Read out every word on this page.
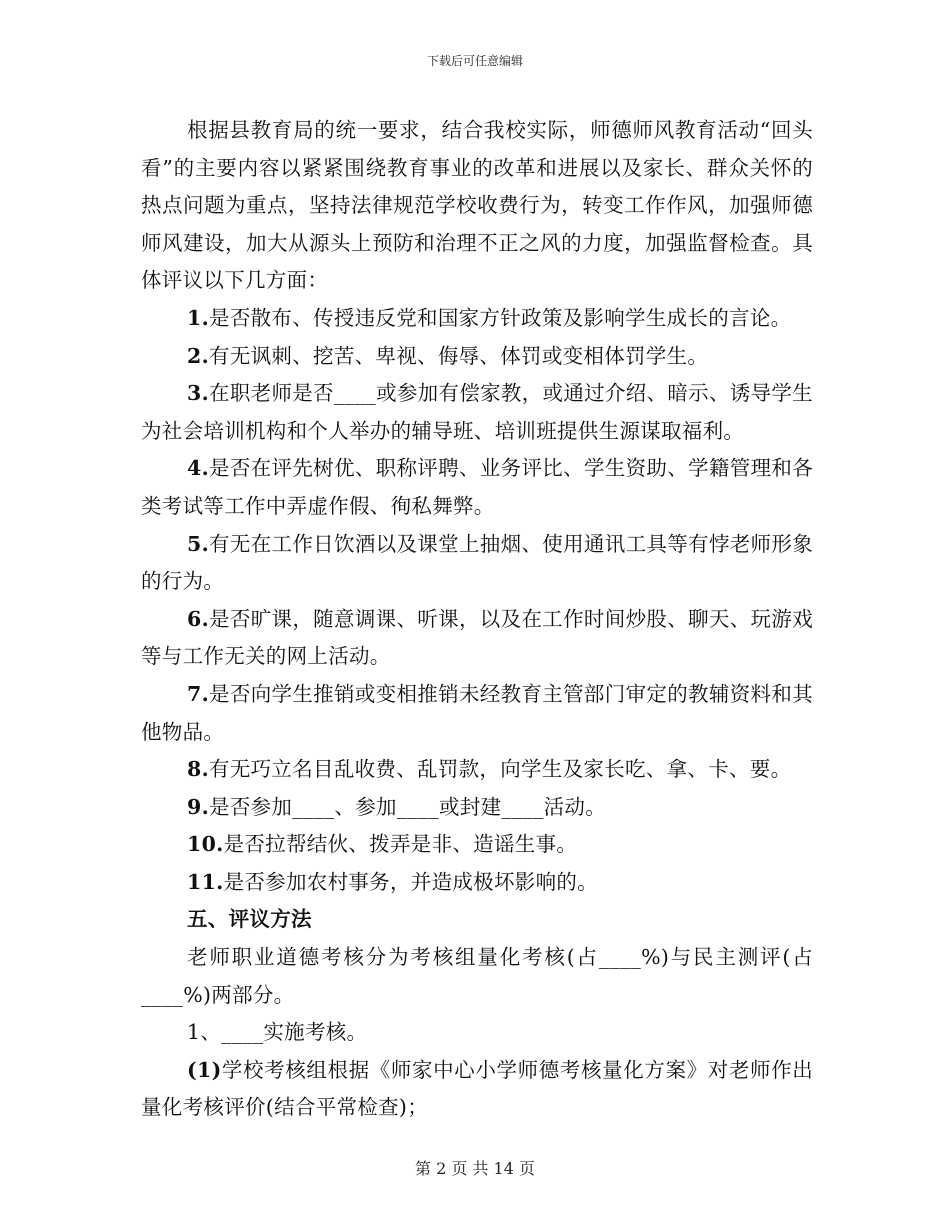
下载后可任意编辑

根据县教育局的统一要求，结合我校实际，师德师风教育活动“回头看”的主要内容以紧紧围绕教育事业的改革和进展以及家长、群众关怀的热点问题为重点，坚持法律规范学校收费行为，转变工作作风，加强师德师风建设，加大从源头上预防和治理不正之风的力度，加强监督检查。具体评议以下几方面：

1.是否散布、传授违反党和国家方针政策及影响学生成长的言论。

2.有无讽刺、挖苦、卑视、侮辱、体罚或变相体罚学生。

3.在职老师是否____或参加有偿家教，或通过介绍、暗示、诱导学生为社会培训机构和个人举办的辅导班、培训班提供生源谋取福利。

4.是否在评先树优、职称评聘、业务评比、学生资助、学籍管理和各类考试等工作中弄虚作假、徇私舞弊。

5.有无在工作日饮酒以及课堂上抽烟、使用通讯工具等有悖老师形象的行为。

6.是否旷课，随意调课、听课，以及在工作时间炒股、聊天、玩游戏等与工作无关的网上活动。

7.是否向学生推销或变相推销未经教育主管部门审定的教辅资料和其他物品。

8.有无巧立名目乱收费、乱罚款，向学生及家长吃、拿、卡、要。

9.是否参加____、参加____或封建____活动。

10.是否拉帮结伙、拨弄是非、造谣生事。

11.是否参加农村事务，并造成极坏影响的。

五、评议方法

老师职业道德考核分为考核组量化考核(占____%)与民主测评(占____%)两部分。

1、____实施考核。

(1)学校考核组根据《师家中心小学师德考核量化方案》对老师作出量化考核评价(结合平常检查)；

第 2 页 共 14 页
